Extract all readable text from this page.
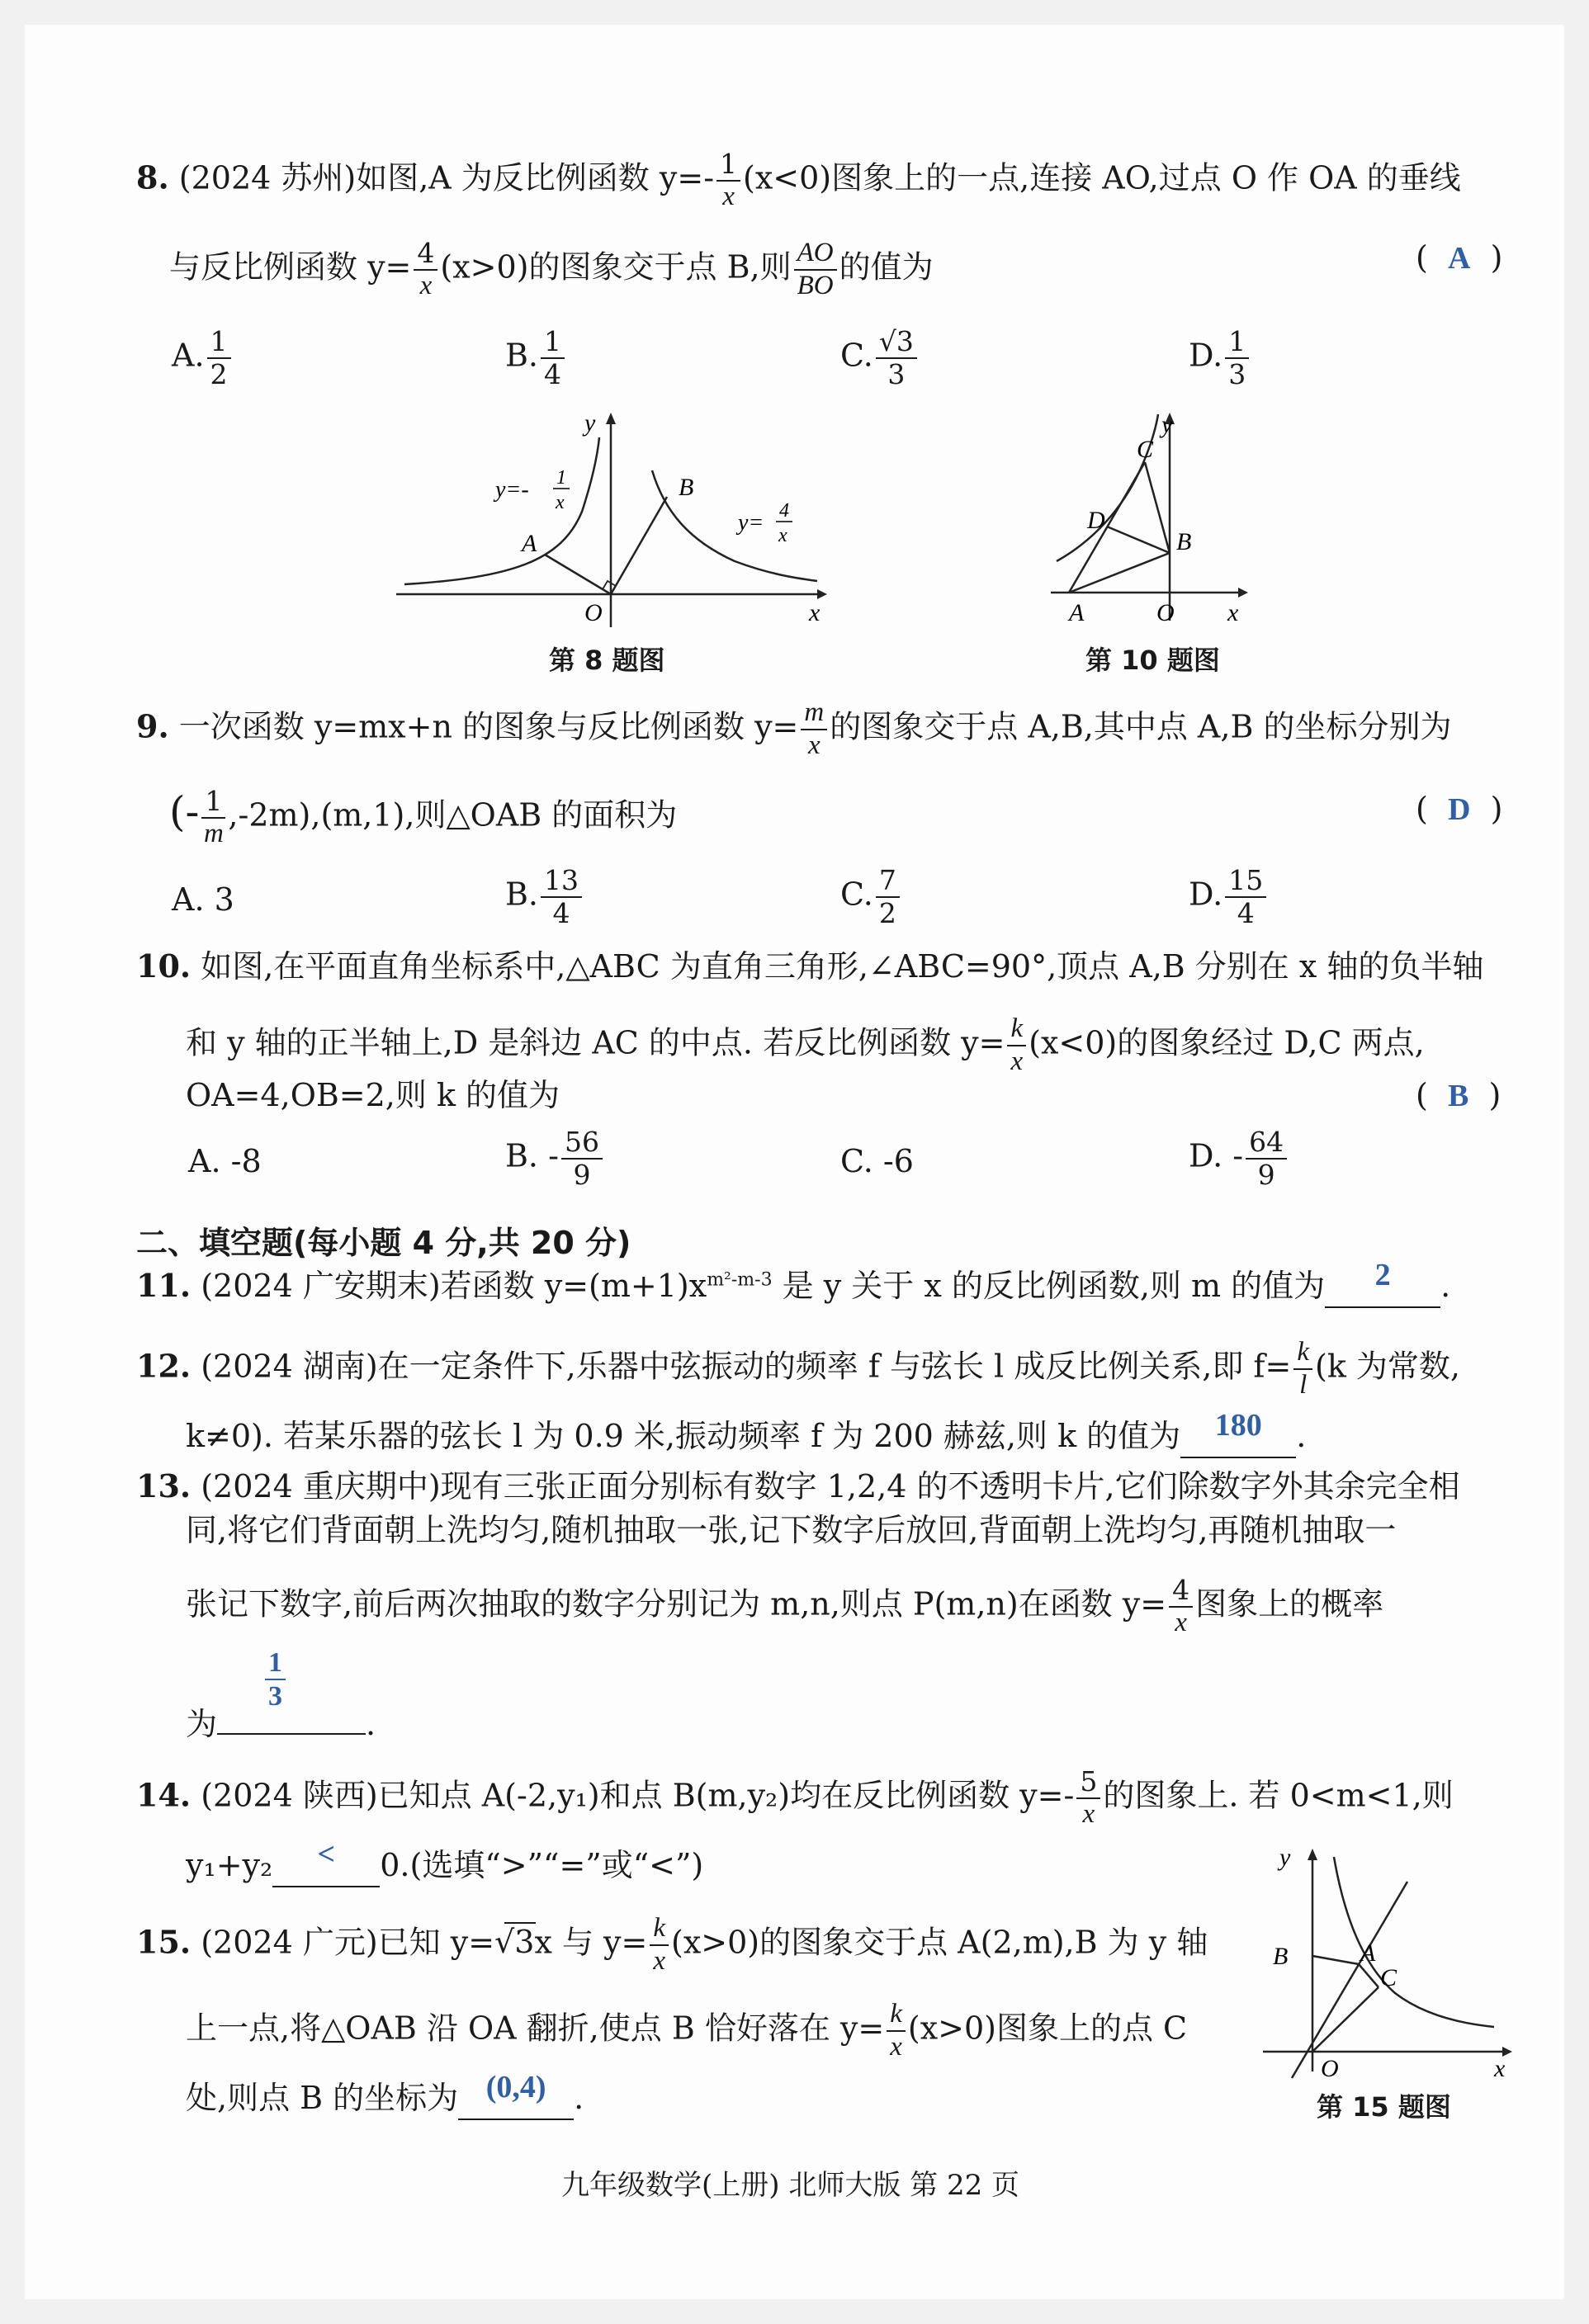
8. (2024 苏州)如图,A 为反比例函数 $y=- \frac{1}{x} (x<0)$图象上的一点,连接 AO,过点 O 作 OA 的垂线
与反比例函数 $y= \frac{4}{x} (x>0)$的图象交于点 B,则 $\frac{AO}{BO}$ 的值为	(  A  )
A. $\frac{1}{2}$	B. $\frac{1}{4}$	C. $\frac{√3}{3}$	D. $\frac{1}{3}$
O	x
y
A
B
y=- 1
x
y= 4
x
第 8 题图
A	O x
y
C
D
B
第 10 题图
9. 一次函数 y=mx+n 的图象与反比例函数 $y= \frac{m}{x}$ 的图象交于点 A,B,其中点 A,B 的坐标分别为
(- $\frac{1}{m} ,-2m),(m,1)$,则△OAB 的面积为	(  D  )
A. 3	B. $\frac{13}{4}$	C. $\frac{7}{2}$	D. $\frac{15}{4}$
10. 如图,在平面直角坐标系中,△ABC 为直角三角形,∠ABC=90°,顶点 A,B 分别在 x 轴的负半轴
和 y 轴的正半轴上,D 是斜边 AC 的中点. 若反比例函数 $y= \frac{k}{x} (x<0)$的图象经过 D,C 两点,
OA=4,OB=2,则 k 的值为	(  B  )
A. -8	B. - $\frac{56}{9}$	C. -6	D. - $\frac{64}{9}$
二、填空题(每小题 4 分,共 20 分)
11. (2024 广安期末)若函数 $y=(m+1)x^{m^2-m-3}$ 是 y 关于 x 的反比例函数,则 m 的值为 2 .
12. (2024 湖南)在一定条件下,乐器中弦振动的频率 f 与弦长 l 成反比例关系,即 $f= \frac{k}{l} (k$ 为常数,
k≠0). 若某乐器的弦长 l 为 0.9 米,振动频率 f 为 200 赫兹,则 k 的值为 180 .
13. (2024 重庆期中)现有三张正面分别标有数字 1,2,4 的不透明卡片,它们除数字外其余完全相
同,将它们背面朝上洗均匀,随机抽取一张,记下数字后放回,背面朝上洗均匀,再随机抽取一
张记下数字,前后两次抽取的数字分别记为 m,n,则点 P(m,n)在函数 $y= \frac{4}{x}$ 图象上的概率
为	.
$\frac{1}{3}$
14. (2024 陕西)已知点 A(-2,y₁)和点 B(m,y₂)均在反比例函数 $y=- \frac{5}{x}$ 的图象上. 若 0<m<1,则
y₁+y₂ < 0.(选填“>”“=”或“<”)
15. (2024 广元)已知 y=√3x 与 $y= \frac{k}{x} (x>0)$的图象交于点 A(2,m),B 为 y 轴
上一点,将△OAB 沿 OA 翻折,使点 B 恰好落在 $y= \frac{k}{x} (x>0)$图象上的点 C
处,则点 B 的坐标为 (0,4) .
y
B	A
C
O	x
第 15 题图
九年级数学(上册) 北师大版 第 22 页
